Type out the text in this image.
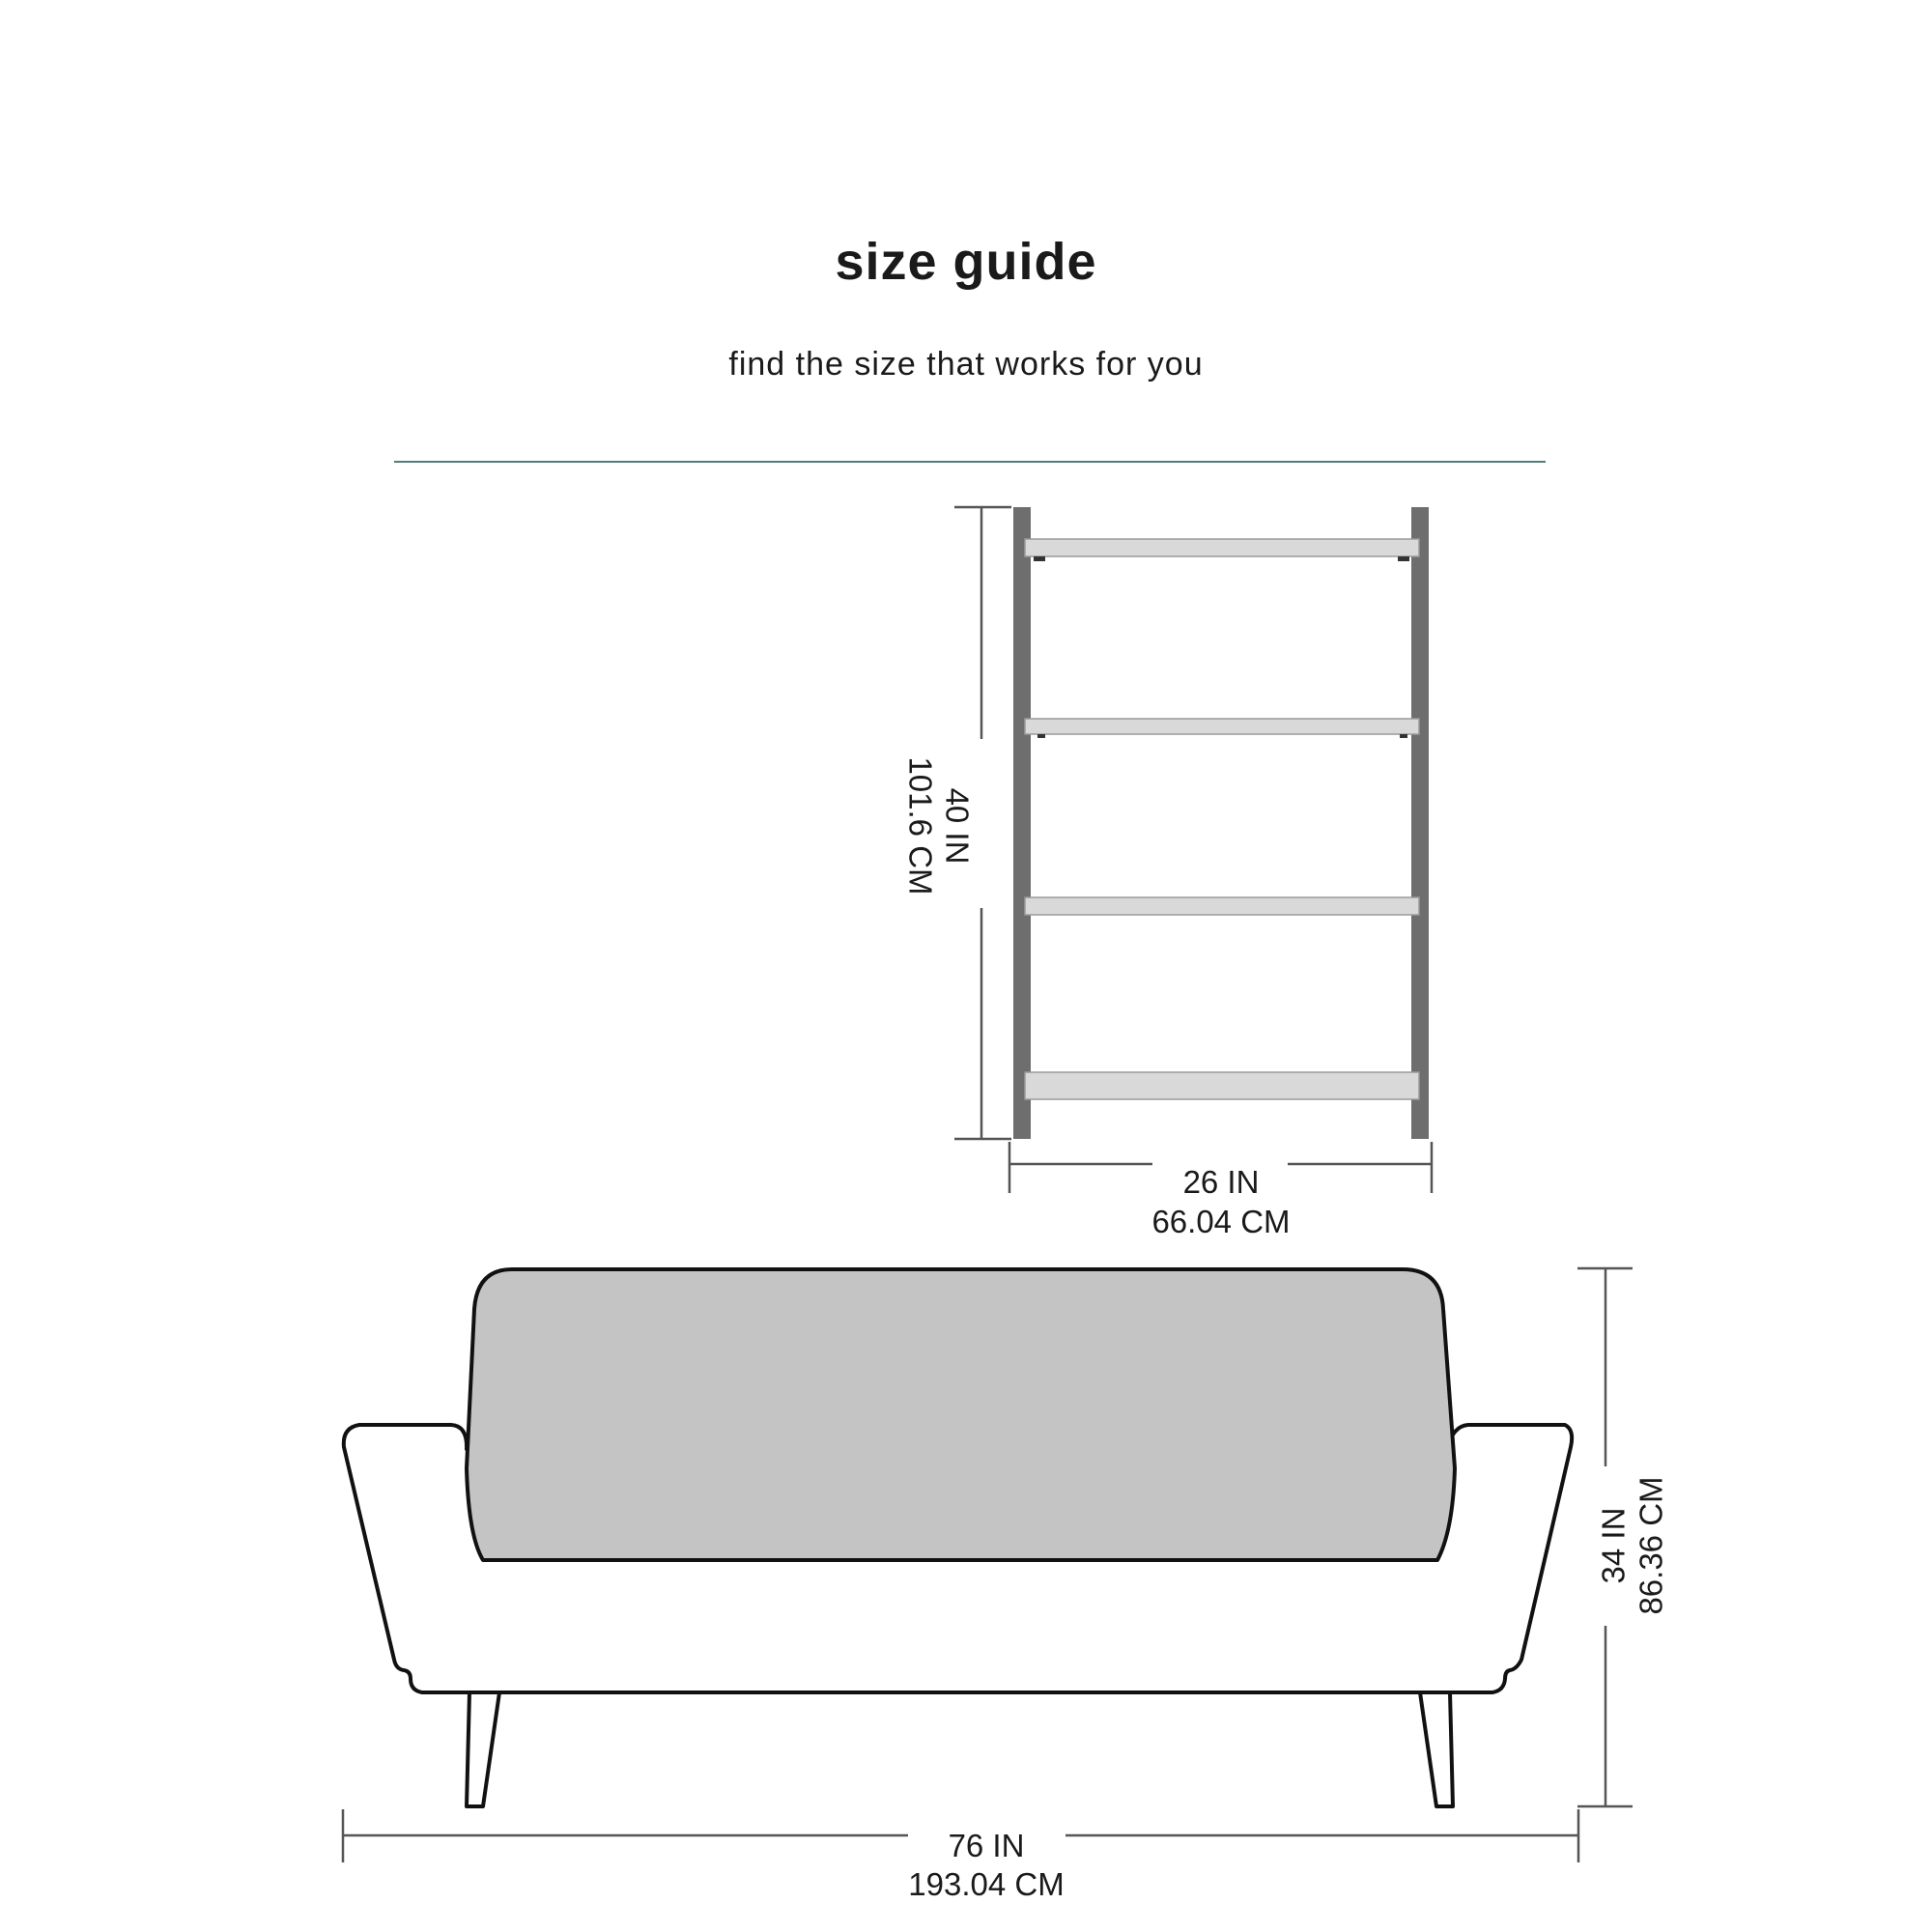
size guide
find the size that works for you
40 IN
101.6 CM
26 IN
66.04 CM
34 IN 86.36 CM
76 IN
193.04 CM
